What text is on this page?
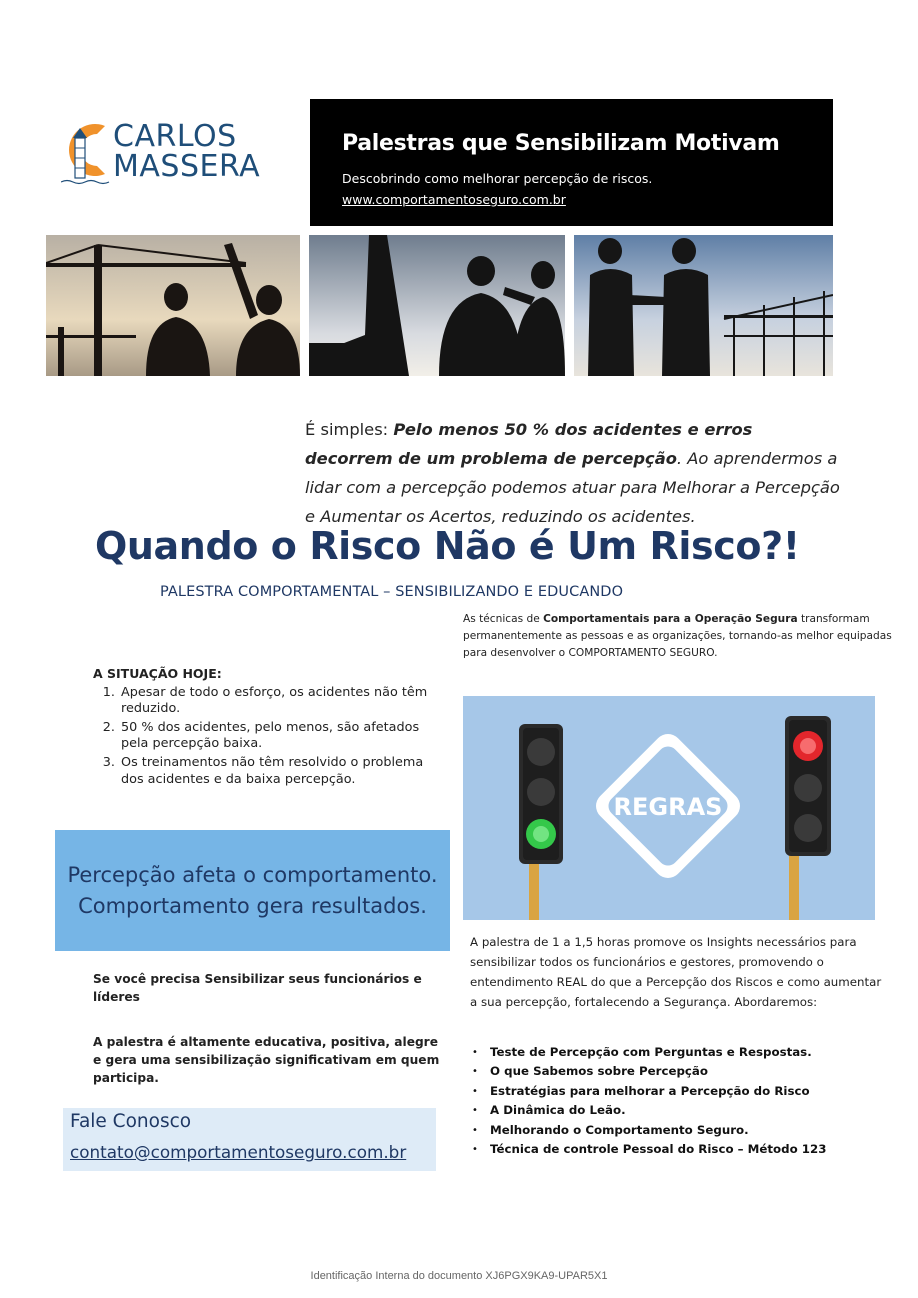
CARLOS
MASSERA
Palestras que Sensibilizam Motivam
Descobrindo como melhorar percepção de riscos.
www.comportamentoseguro.com.br
É simples: Pelo menos 50 % dos acidentes e erros decorrem de um problema de percepção. Ao aprendermos a lidar com a percepção podemos atuar para Melhorar a Percepção e Aumentar os Acertos, reduzindo os acidentes.
Quando o Risco Não é Um Risco?!
PALESTRA COMPORTAMENTAL – SENSIBILIZANDO E EDUCANDO
As técnicas de Comportamentais para a Operação Segura transformam permanentemente as pessoas e as organizações, tornando-as melhor equipadas para desenvolver o COMPORTAMENTO SEGURO.
A SITUAÇÃO HOJE:
1. Apesar de todo o esforço, os acidentes não têm reduzido.
2. 50 % dos acidentes, pelo menos, são afetados pela percepção baixa.
3. Os treinamentos não têm resolvido o problema dos acidentes e da baixa percepção.
Percepção afeta o comportamento.
Comportamento gera resultados.
REGRAS
A palestra de 1 a 1,5 horas promove os Insights necessários para sensibilizar todos os funcionários e gestores, promovendo o entendimento REAL do que a Percepção dos Riscos e como aumentar a sua percepção, fortalecendo a Segurança. Abordaremos:
• Teste de Percepção com Perguntas e Respostas.
• O que Sabemos sobre Percepção
• Estratégias para melhorar a Percepção do Risco
• A Dinâmica do Leão.
• Melhorando o Comportamento Seguro.
• Técnica de controle Pessoal do Risco – Método 123
Se você precisa Sensibilizar seus funcionários e líderes
A palestra é altamente educativa, positiva, alegre e gera uma sensibilização significativam em quem participa.
Fale Conosco
contato@comportamentoseguro.com.br
Identificação Interna do documento XJ6PGX9KA9-UPAR5X1
